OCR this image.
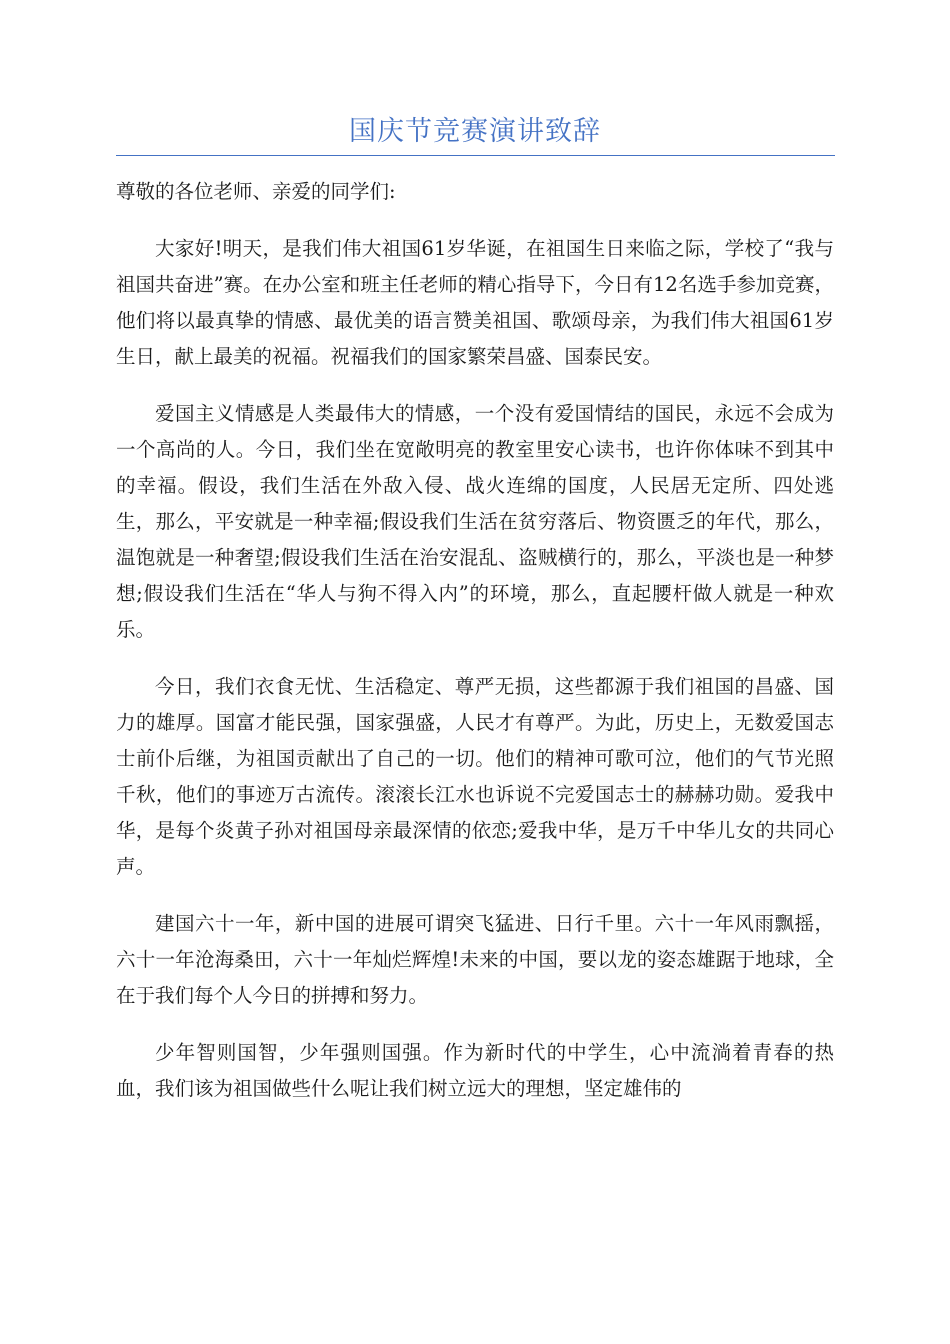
国庆节竞赛演讲致辞

尊敬的各位老师、亲爱的同学们:

大家好!明天，是我们伟大祖国61岁华诞，在祖国生日来临之际，学校了“我与祖国共奋进”赛。在办公室和班主任老师的精心指导下，今日有12名选手参加竞赛，他们将以最真挚的情感、最优美的语言赞美祖国、歌颂母亲，为我们伟大祖国61岁生日，献上最美的祝福。祝福我们的国家繁荣昌盛、国泰民安。

爱国主义情感是人类最伟大的情感，一个没有爱国情结的国民，永远不会成为一个高尚的人。今日，我们坐在宽敞明亮的教室里安心读书，也许你体味不到其中的幸福。假设，我们生活在外敌入侵、战火连绵的国度，人民居无定所、四处逃生，那么，平安就是一种幸福;假设我们生活在贫穷落后、物资匮乏的年代，那么，温饱就是一种奢望;假设我们生活在治安混乱、盗贼横行的，那么，平淡也是一种梦想;假设我们生活在“华人与狗不得入内”的环境，那么，直起腰杆做人就是一种欢乐。

今日，我们衣食无忧、生活稳定、尊严无损，这些都源于我们祖国的昌盛、国力的雄厚。国富才能民强，国家强盛，人民才有尊严。为此，历史上，无数爱国志士前仆后继，为祖国贡献出了自己的一切。他们的精神可歌可泣，他们的气节光照千秋，他们的事迹万古流传。滚滚长江水也诉说不完爱国志士的赫赫功勋。爱我中华，是每个炎黄子孙对祖国母亲最深情的依恋;爱我中华，是万千中华儿女的共同心声。

建国六十一年，新中国的进展可谓突飞猛进、日行千里。六十一年风雨飘摇，六十一年沧海桑田，六十一年灿烂辉煌!未来的中国，要以龙的姿态雄踞于地球，全在于我们每个人今日的拼搏和努力。

少年智则国智，少年强则国强。作为新时代的中学生，心中流淌着青春的热血，我们该为祖国做些什么呢让我们树立远大的理想，坚定雄伟的
